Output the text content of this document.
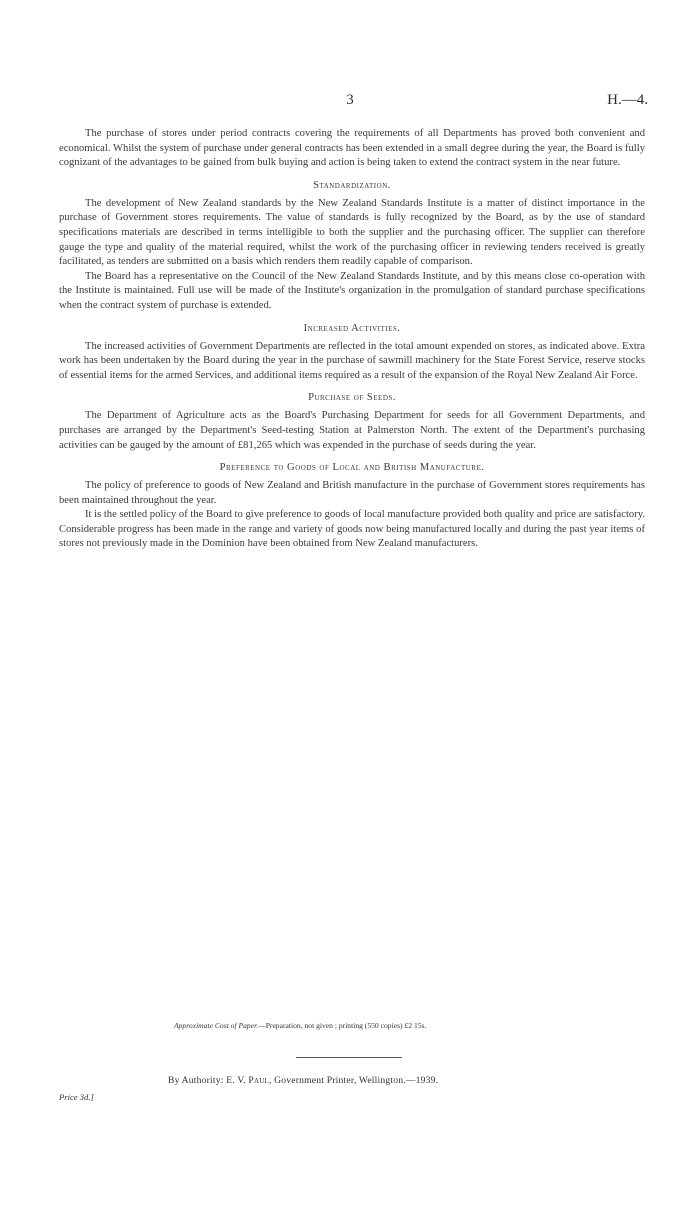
3	H.—4.

The purchase of stores under period contracts covering the requirements of all Departments has proved both convenient and economical. Whilst the system of purchase under general contracts has been extended in a small degree during the year, the Board is fully cognizant of the advantages to be gained from bulk buying and action is being taken to extend the contract system in the near future.

Standardization.

The development of New Zealand standards by the New Zealand Standards Institute is a matter of distinct importance in the purchase of Government stores requirements. The value of standards is fully recognized by the Board, as by the use of standard specifications materials are described in terms intelligible to both the supplier and the purchasing officer. The supplier can therefore gauge the type and quality of the material required, whilst the work of the purchasing officer in reviewing tenders received is greatly facilitated, as tenders are submitted on a basis which renders them readily capable of comparison.

The Board has a representative on the Council of the New Zealand Standards Institute, and by this means close co-operation with the Institute is maintained. Full use will be made of the Institute's organization in the promulgation of standard purchase specifications when the contract system of purchase is extended.

Increased Activities.

The increased activities of Government Departments are reflected in the total amount expended on stores, as indicated above. Extra work has been undertaken by the Board during the year in the purchase of sawmill machinery for the State Forest Service, reserve stocks of essential items for the armed Services, and additional items required as a result of the expansion of the Royal New Zealand Air Force.

Purchase of Seeds.

The Department of Agriculture acts as the Board's Purchasing Department for seeds for all Government Departments, and purchases are arranged by the Department's Seed-testing Station at Palmerston North. The extent of the Department's purchasing activities can be gauged by the amount of £81,265 which was expended in the purchase of seeds during the year.

Preference to Goods of Local and British Manufacture.

The policy of preference to goods of New Zealand and British manufacture in the purchase of Government stores requirements has been maintained throughout the year.

It is the settled policy of the Board to give preference to goods of local manufacture provided both quality and price are satisfactory. Considerable progress has been made in the range and variety of goods now being manufactured locally and during the past year items of stores not previously made in the Dominion have been obtained from New Zealand manufacturers.

Approximate Cost of Paper.—Preparation, not given ; printing (550 copies) £2 15s.
By Authority: E. V. Paul, Government Printer, Wellington.—1939.
Price 3d.]
